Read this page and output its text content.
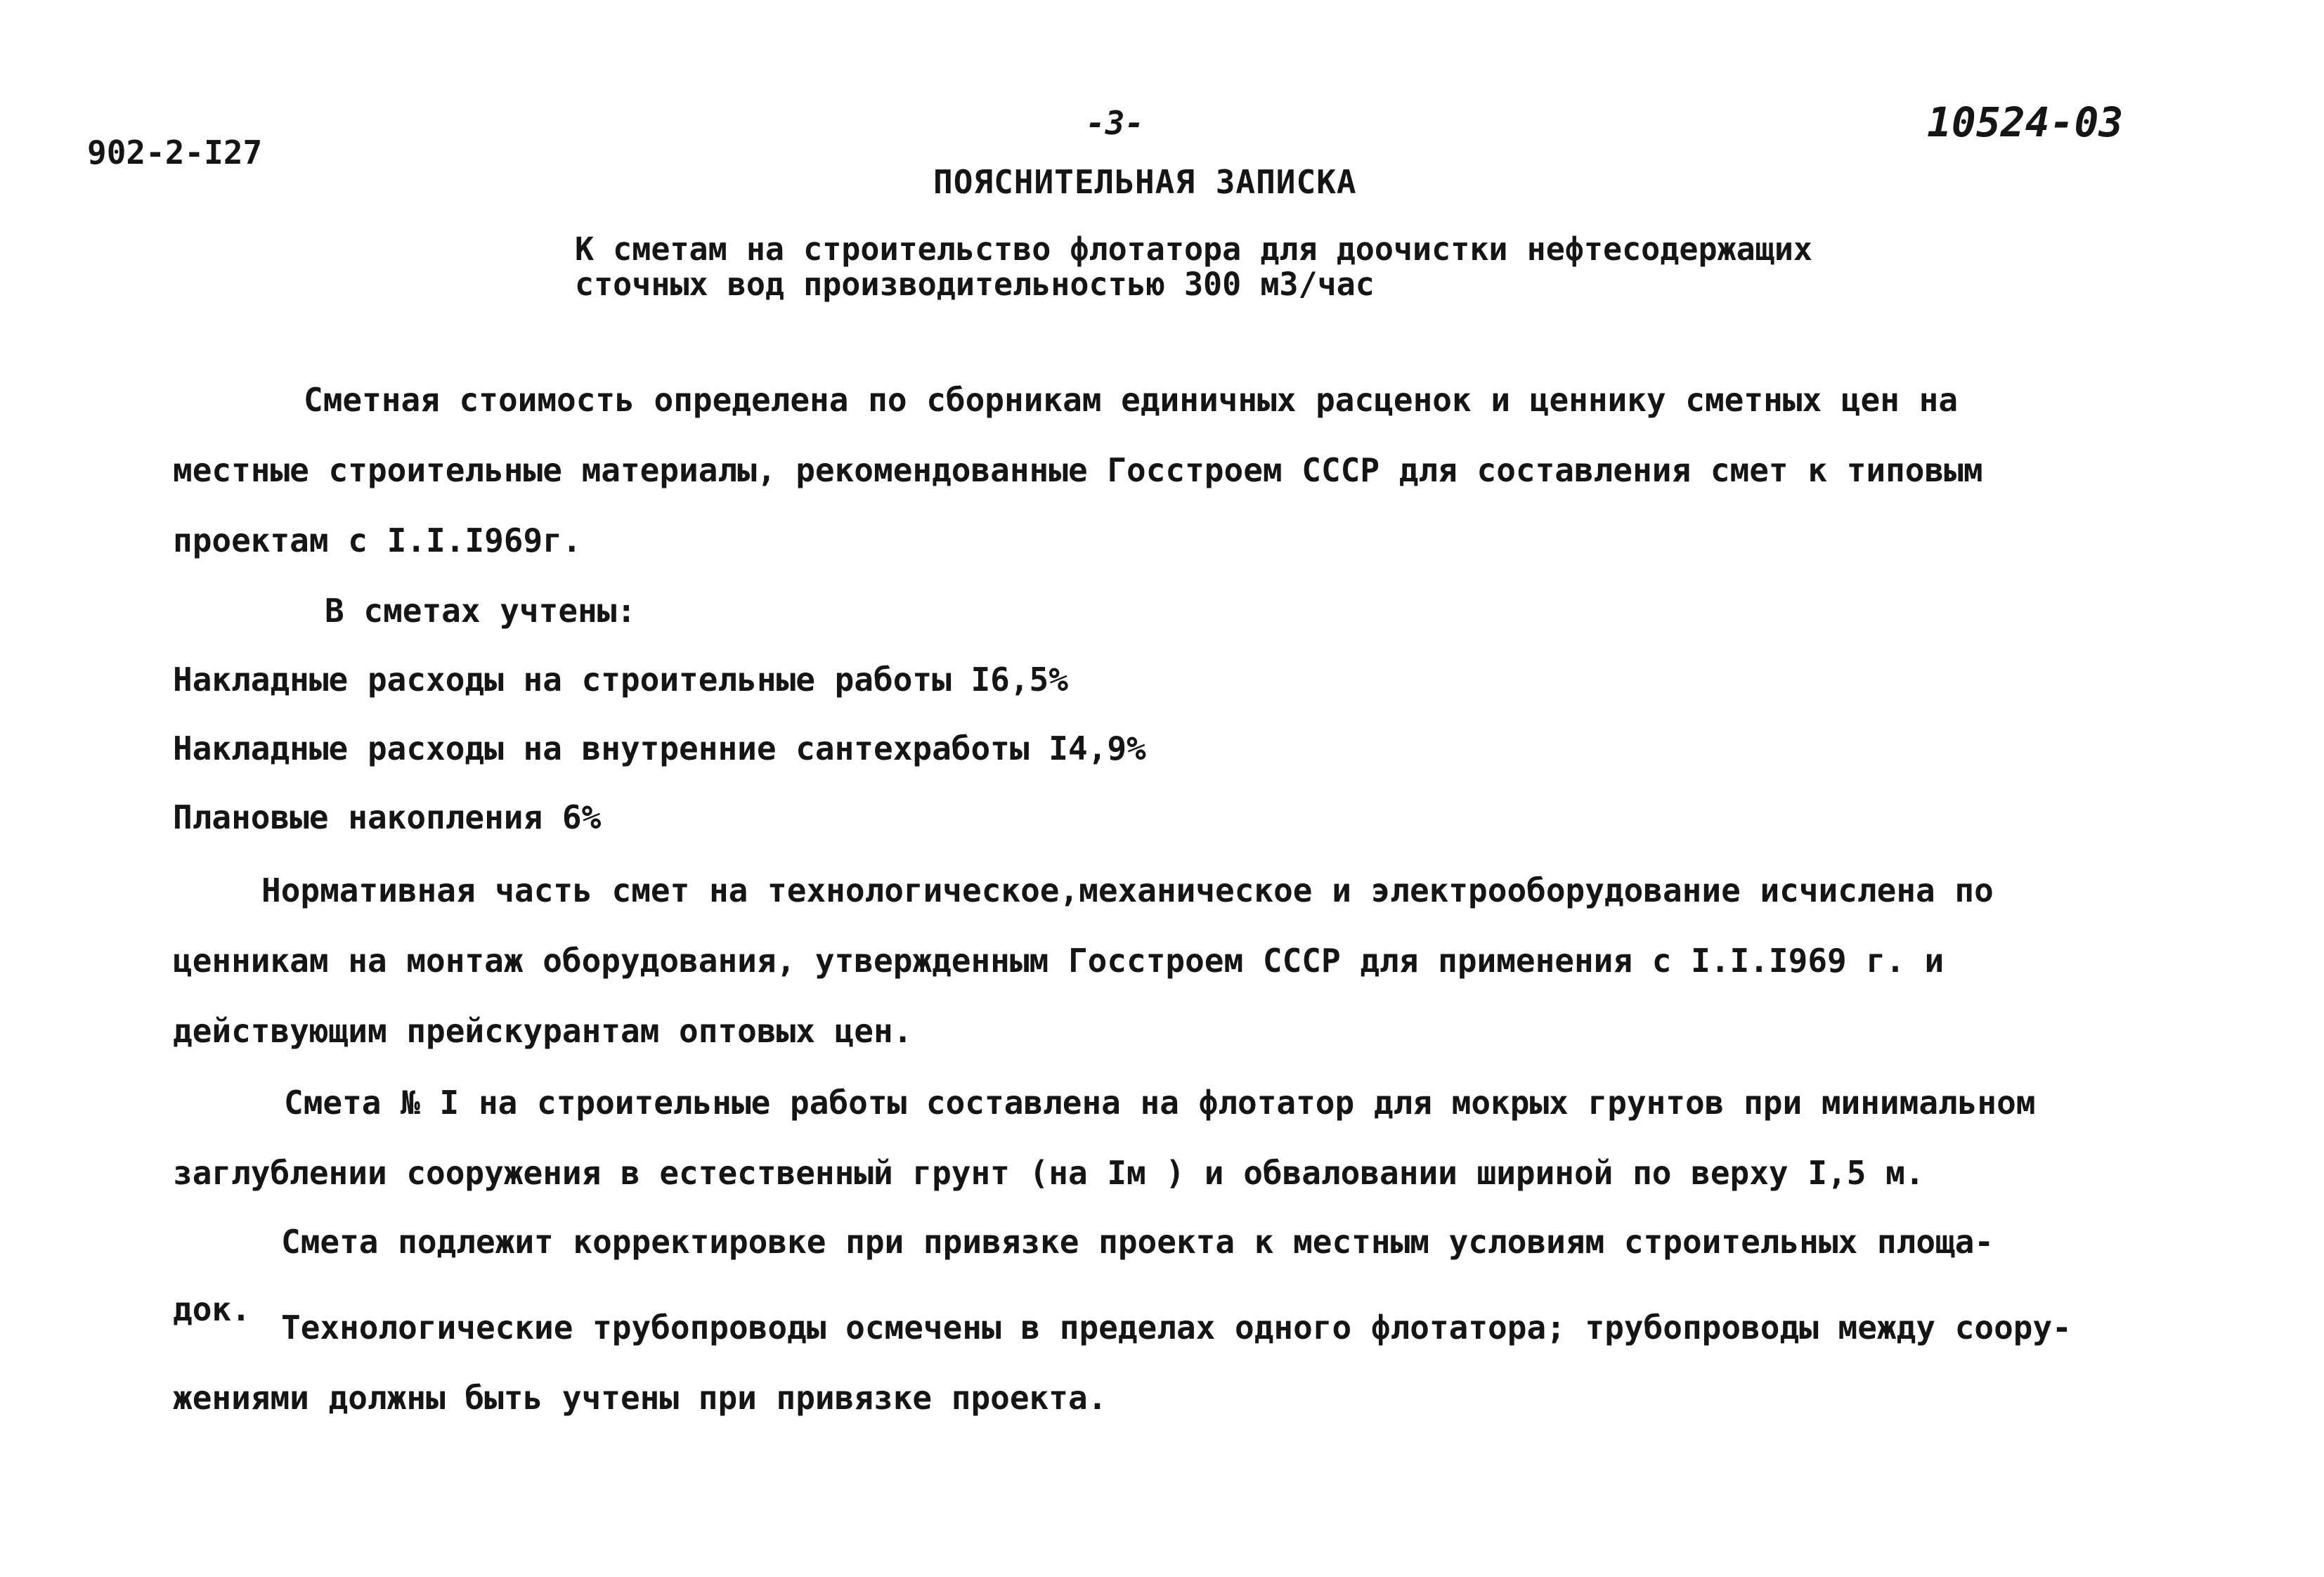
902-2-I27
-3-	10524-03
ПОЯСНИТЕЛЬНАЯ ЗАПИСКА
К сметам на строительство флотатора для доочистки нефтесодержащих
сточных вод производительностью 300 м3/час
Сметная стоимость определена по сборникам единичных расценок и ценнику сметных цен на
местные строительные материалы, рекомендованные Госстроем СССР для составления смет к типовым
проектам с I.I.I969г.
В сметах учтены:
Накладные расходы на строительные работы I6,5%
Накладные расходы на внутренние сантехработы I4,9%
Плановые накопления 6%
Нормативная часть смет на технологическое,механическое и электрооборудование исчислена по
ценникам на монтаж оборудования, утвержденным Госстроем СССР для применения с I.I.I969 г. и
действующим прейскурантам оптовых цен.
Смета № I на строительные работы составлена на флотатор для мокрых грунтов при минимальном
заглублении сооружения в естественный грунт (на Iм ) и обваловании шириной по верху I,5 м.
Смета подлежит корректировке при привязке проекта к местным условиям строительных площа-
док. Технологические трубопроводы осмечены в пределах одного флотатора; трубопроводы между соору-
жениями должны быть учтены при привязке проекта.
